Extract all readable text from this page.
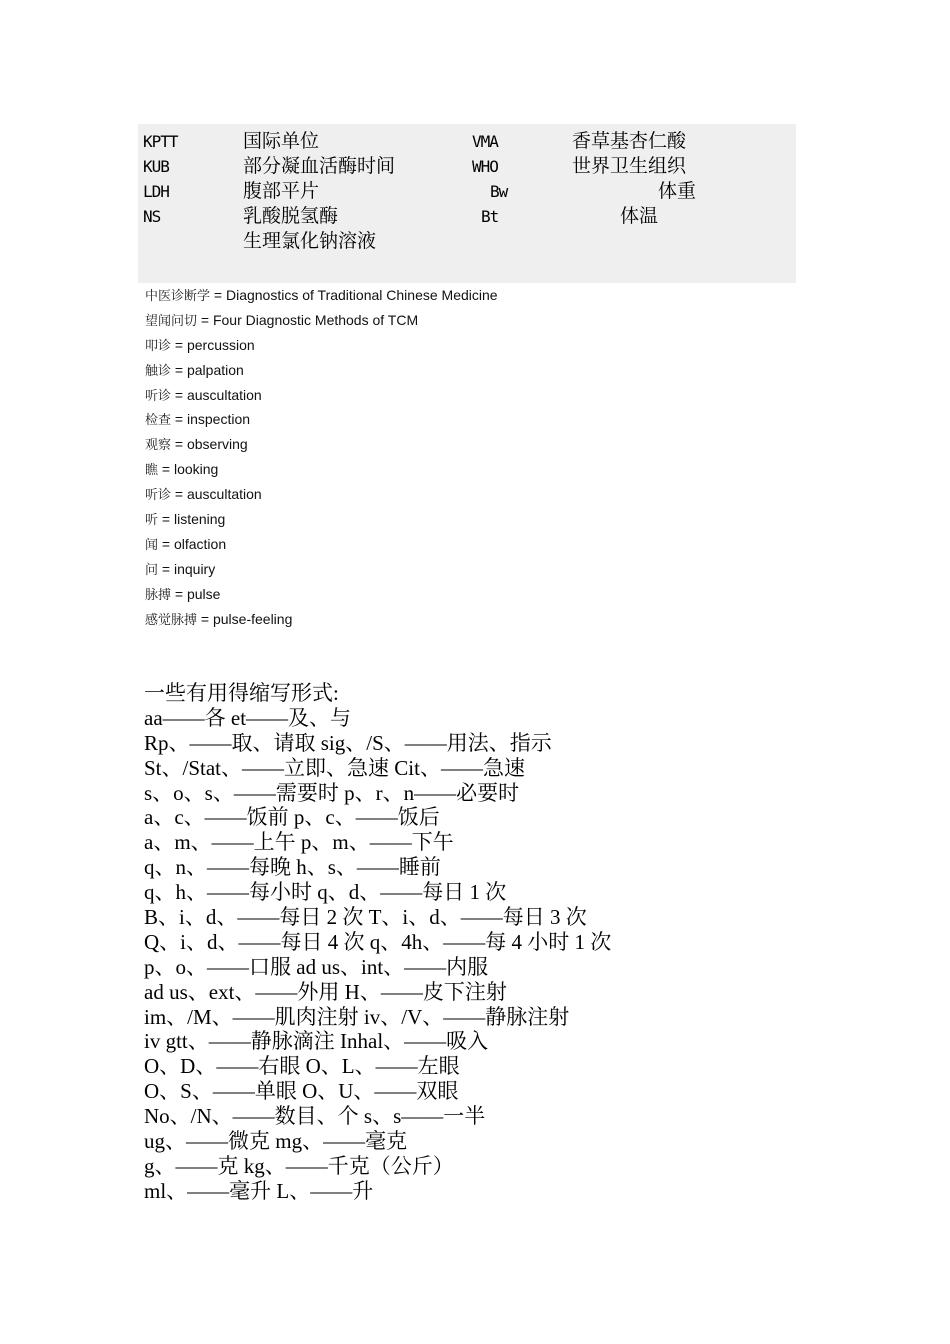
KPTT	国际单位	VMA	香草基杏仁酸
KUB	部分凝血活酶时间	WHO	世界卫生组织
LDH	腹部平片	Bw	体重
NS	乳酸脱氢酶	Bt	体温
生理氯化钠溶液
中医诊断学 = Diagnostics of Traditional Chinese Medicine
望闻问切 = Four Diagnostic Methods of TCM
叩诊 = percussion
触诊 = palpation
听诊 = auscultation
检查 = inspection
观察 = observing
瞧 = looking
听诊 = auscultation
听 = listening
闻 = olfaction
问 = inquiry
脉搏 = pulse
感觉脉搏 = pulse-feeling
一些有用得缩写形式:
aa——各 et——及、与
Rp、——取、请取 sig、/S、——用法、指示
St、/Stat、——立即、急速 Cit、——急速
s、o、s、——需要时 p、r、n——必要时
a、c、——饭前 p、c、——饭后
a、m、——上午 p、m、——下午
q、n、——每晚 h、s、——睡前
q、h、——每小时 q、d、——每日 1 次
B、i、d、——每日 2 次 T、i、d、——每日 3 次
Q、i、d、——每日 4 次 q、4h、——每 4 小时 1 次
p、o、——口服 ad us、int、——内服
ad us、ext、——外用 H、——皮下注射
im、/M、——肌肉注射 iv、/V、——静脉注射
iv gtt、——静脉滴注 Inhal、——吸入
O、D、——右眼 O、L、——左眼
O、S、——单眼 O、U、——双眼
No、/N、——数目、个 s、s——一半
ug、——微克 mg、——毫克
g、——克 kg、——千克（公斤）
ml、——毫升 L、——升
